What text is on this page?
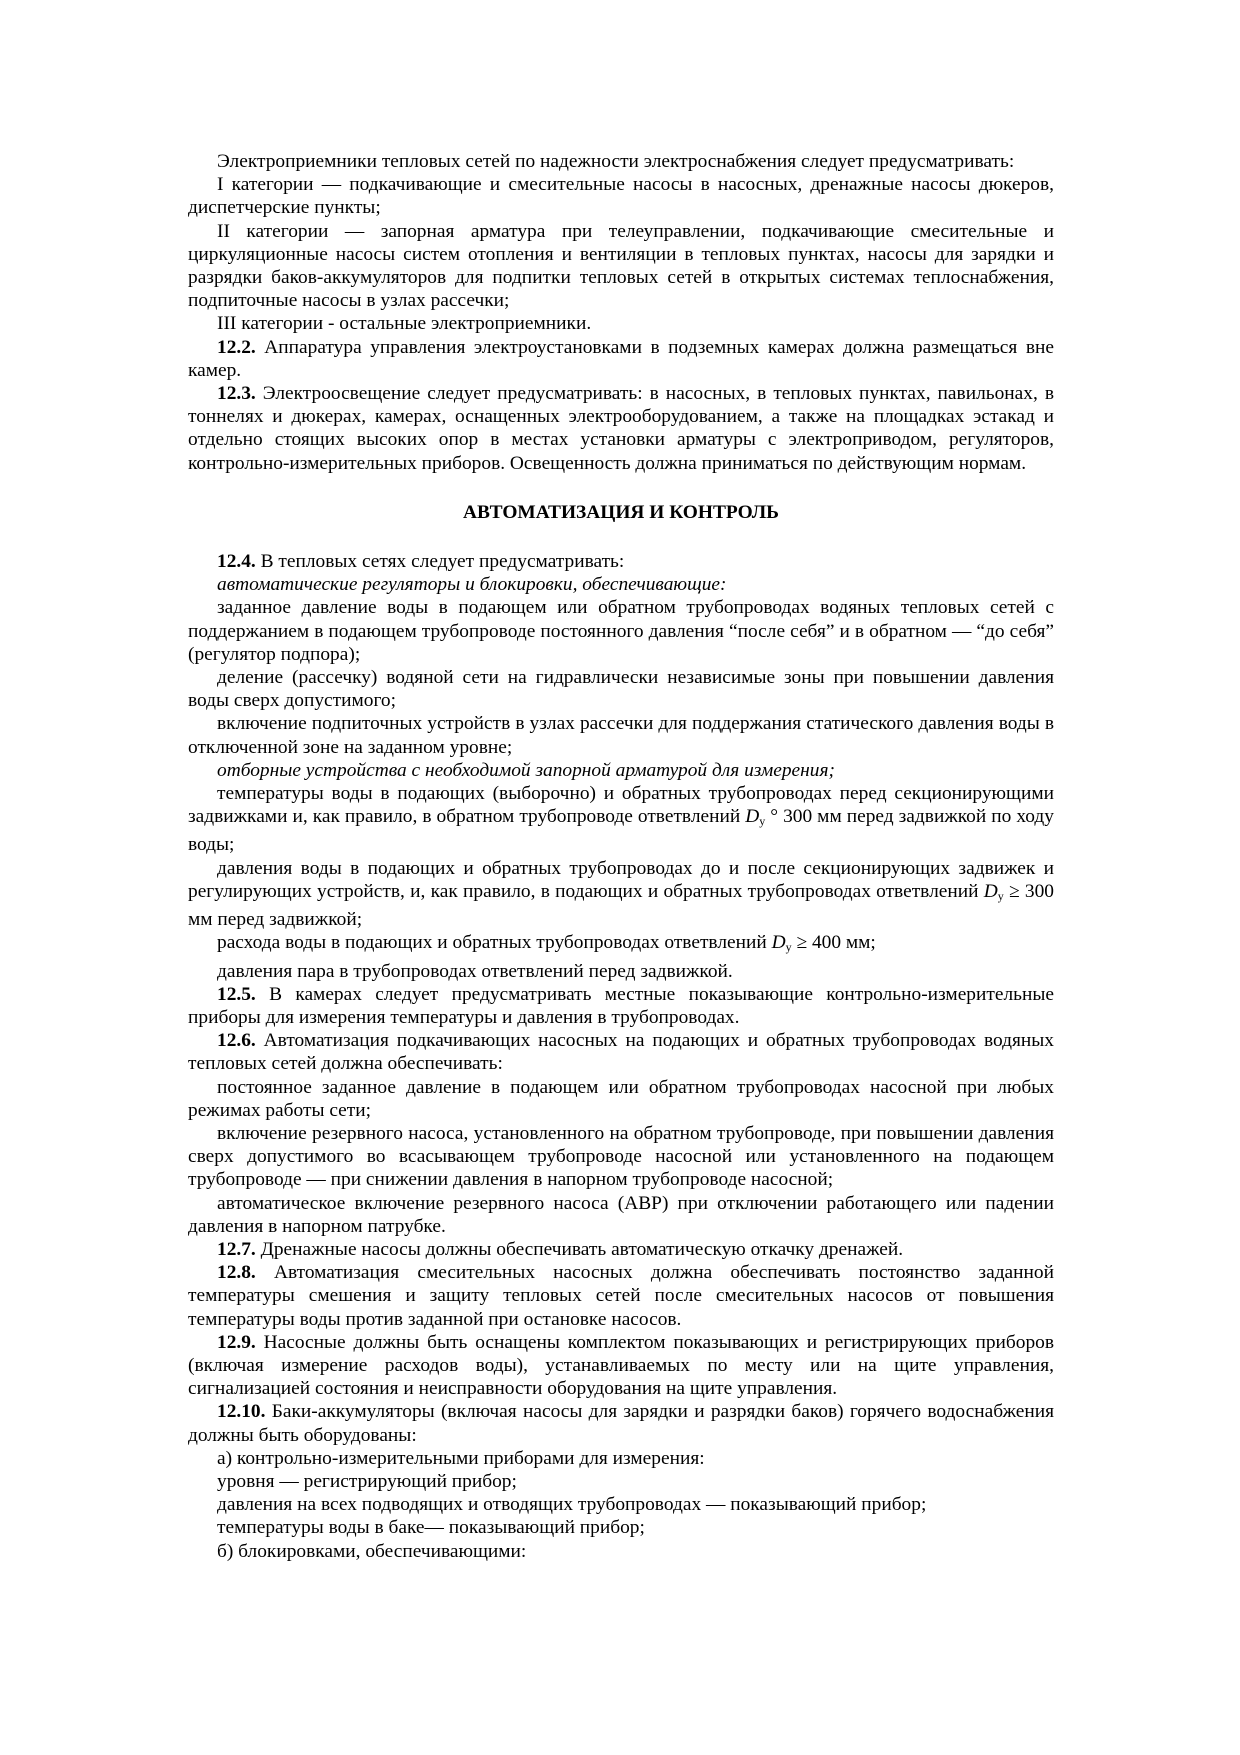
Электроприемники тепловых сетей по надежности электроснабжения следует предусматривать:

I категории — подкачивающие и смесительные насосы в насосных, дренажные насосы дюкеров, диспетчерские пункты;

II категории — запорная арматура при телеуправлении, подкачивающие смесительные и циркуляционные насосы систем отопления и вентиляции в тепловых пунктах, насосы для зарядки и разрядки баков-аккумуляторов для подпитки тепловых сетей в открытых системах теплоснабжения, подпиточные насосы в узлах рассечки;

III категории - остальные электроприемники.

12.2. Аппаратура управления электроустановками в подземных камерах должна размещаться вне камер.

12.3. Электроосвещение следует предусматривать: в насосных, в тепловых пунктах, павильонах, в тоннелях и дюкерах, камерах, оснащенных электрооборудованием, а также на площадках эстакад и отдельно стоящих высоких опор в местах установки арматуры с электроприводом, регуляторов, контрольно-измерительных приборов. Освещенность должна приниматься по действующим нормам.

АВТОМАТИЗАЦИЯ И КОНТРОЛЬ

12.4. В тепловых сетях следует предусматривать:

автоматические регуляторы и блокировки, обеспечивающие:

заданное давление воды в подающем или обратном трубопроводах водяных тепловых сетей с поддержанием в подающем трубопроводе постоянного давления “после себя” и в обратном — “до себя” (регулятор подпора);

деление (рассечку) водяной сети на гидравлически независимые зоны при повышении давления воды сверх допустимого;

включение подпиточных устройств в узлах рассечки для поддержания статического давления воды в отключенной зоне на заданном уровне;

отборные устройства с необходимой запорной арматурой для измерения;

температуры воды в подающих (выборочно) и обратных трубопроводах перед секционирующими задвижками и, как правило, в обратном трубопроводе ответвлений $D_y$ ° 300 мм перед задвижкой по ходу воды;

давления воды в подающих и обратных трубопроводах до и после секционирующих задвижек и регулирующих устройств, и, как правило, в подающих и обратных трубопроводах ответвлений $D_y \ge 300$ мм перед задвижкой;

расхода воды в подающих и обратных трубопроводах ответвлений $D_y \ge 400$ мм;

давления пара в трубопроводах ответвлений перед задвижкой.

12.5. В камерах следует предусматривать местные показывающие контрольно-измерительные приборы для измерения температуры и давления в трубопроводах.

12.6. Автоматизация подкачивающих насосных на подающих и обратных трубопроводах водяных тепловых сетей должна обеспечивать:

постоянное заданное давление в подающем или обратном трубопроводах насосной при любых режимах работы сети;

включение резервного насоса, установленного на обратном трубопроводе, при повышении давления сверх допустимого во всасывающем трубопроводе насосной или установленного на подающем трубопроводе — при снижении давления в напорном трубопроводе насосной;

автоматическое включение резервного насоса (АВР) при отключении работающего или падении давления в напорном патрубке.

12.7. Дренажные насосы должны обеспечивать автоматическую откачку дренажей.

12.8. Автоматизация смесительных насосных должна обеспечивать постоянство заданной температуры смешения и защиту тепловых сетей после смесительных насосов от повышения температуры воды против заданной при остановке насосов.

12.9. Насосные должны быть оснащены комплектом показывающих и регистрирующих приборов (включая измерение расходов воды), устанавливаемых по месту или на щите управления, сигнализацией состояния и неисправности оборудования на щите управления.

12.10. Баки-аккумуляторы (включая насосы для зарядки и разрядки баков) горячего водоснабжения должны быть оборудованы:

а) контрольно-измерительными приборами для измерения:

уровня — регистрирующий прибор;

давления на всех подводящих и отводящих трубопроводах — показывающий прибор;

температуры воды в баке— показывающий прибор;

б) блокировками, обеспечивающими:
